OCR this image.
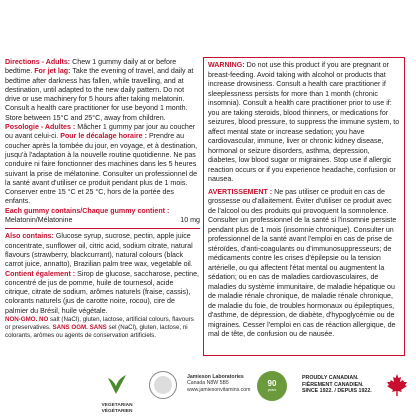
Directions - Adults: Chew 1 gummy daily at or before bedtime. For jet lag: Take the evening of travel, and daily at bedtime after darkness has fallen, while travelling, and at destination, until adapted to the new daily pattern. Do not drive or use machinery for 5 hours after taking melatonin. Consult a health care practitioner for use beyond 1 month. Store between 15°C and 25°C, away from children.

Posologie - Adultes : Mâcher 1 gummy par jour au coucher ou avant celui-ci. Pour le décalage horaire : Prendre au coucher après la tombée du jour, en voyage, et à destination, jusqu'à l'adaptation à la nouvelle routine quotidienne. Ne pas conduire ni faire fonctionner des machines dans les 5 heures suivant la prise de mélatonine. Consulter un professionnel de la santé avant d'utiliser ce produit pendant plus de 1 mois. Conserver entre 15 °C et 25 °C, hors de la portée des enfants.

Each gummy contains/Chaque gummy contient :

Melatonin/Mélatonine	10 mg

Also contains: Glucose syrup, sucrose, pectin, apple juice concentrate, sunflower oil, citric acid, sodium citrate, natural flavours (strawberry, blackcurrant), natural colours (black carrot juice, annatto), Brazilian palm tree wax, vegetable oil. Contient également : Sirop de glucose, saccharose, pectine, concentré de jus de pomme, huile de tournesol, acide citrique, citrate de sodium, arômes naturels (fraise, cassis), colorants naturels (jus de carotte noire, rocou), cire de palmier du Brésil, huile végétale.

NON-GMO. NO salt (NaCl), gluten, lactose, artificial colours, flavours or preservatives. SANS OGM. SANS sel (NaCl), gluten, lactose, ni colorants, arômes ou agents de conservation artificiels.

WARNING: Do not use this product if you are pregnant or breast-feeding. Avoid taking with alcohol or products that increase drowsiness. Consult a health care practitioner if sleeplessness persists for more than 1 month (chronic insomnia). Consult a health care practitioner prior to use if: you are taking steroids, blood thinners, or medications for seizures, blood pressure, to suppress the immune system, to affect mental state or increase sedation; you have cardiovascular, immune, liver or chronic kidney disease, hormonal or seizure disorders, asthma, depression, diabetes, low blood sugar or migraines. Stop use if allergic reaction occurs or if you experience headache, confusion or nausea.

AVERTISSEMENT : Ne pas utiliser ce produit en cas de grossesse ou d'allaitement. Éviter d'utiliser ce produit avec de l'alcool ou des produits qui provoquent la somnolence. Consulter un professionnel de la santé si l'insomnie persiste pendant plus de 1 mois (insomnie chronique). Consulter un professionnel de la santé avant l'emploi en cas de prise de stéroïdes, d'anti-coagulants ou d'immunosuppresseurs; de médicaments contre les crises d'épilepsie ou la tension artérielle, ou qui affectent l'état mental ou augmentent la sédation; ou en cas de maladies cardiovasculaires, de maladies du système immunitaire, de maladie hépatique ou de maladie rénale chronique, de maladie rénale chronique, de maladie du foie, de troubles hormonaux ou épileptiques, d'asthme, de dépression, de diabète, d'hypoglycémie ou de migraines. Cesser l'emploi en cas de réaction allergique, de mal de tête, de confusion ou de nausée.

VEGETARIAN
VÉGÉTARIEN
Jamieson Laboratories
Canada N8W 5B5
www.jamiesonvitamins.com
90
years
PROUDLY CANADIAN.
FIÈREMENT CANADIEN.
SINCE 1922. / DEPUIS 1922.
